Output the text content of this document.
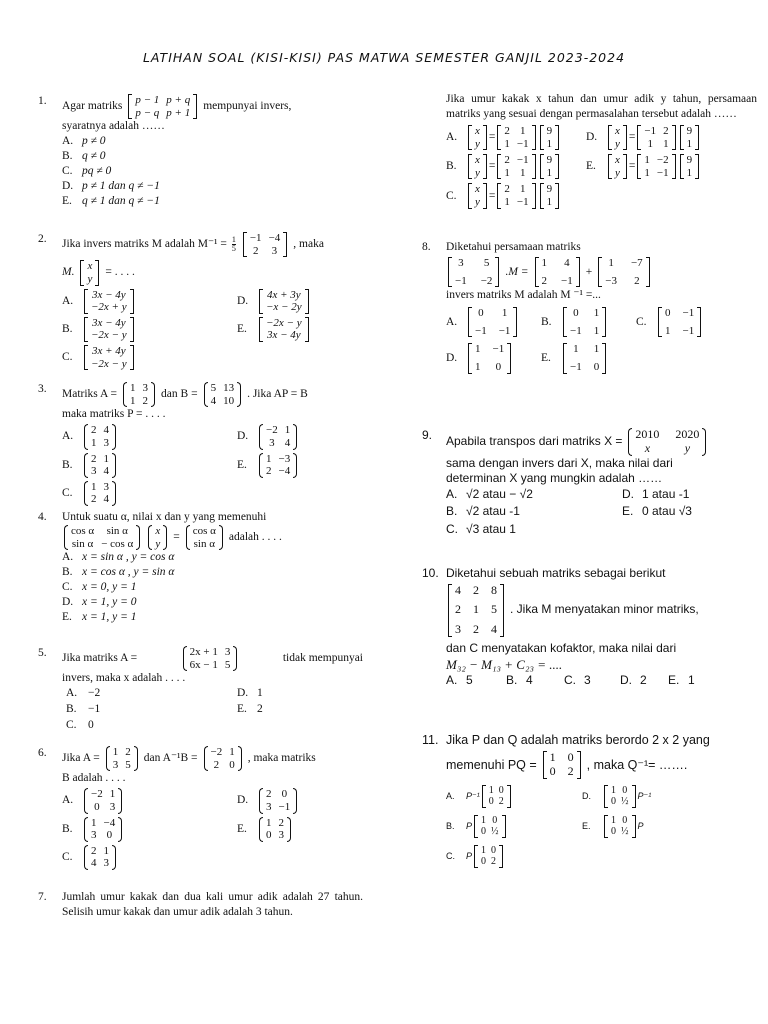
LATIHAN SOAL (KISI-KISI) PAS MATWA SEMESTER GANJIL 2023-2024
1. Agar matriks
p − 1 p + q
p − q p + 1
mempunyai invers,
syaratnya adalah ……
A. p ≠ 0
B. q ≠ 0
C. pq ≠ 0
D. p ≠ 1 dan q ≠ −1
E. q ≠ 1 dan q ≠ −1
2. Jika invers matriks M adalah $M^{-1} = \frac{1}{5} -1 -4$
2 3
, maka
M.
x
y
= . . . .
A.
3x − 4y
−2x + y
D.
4x + 3y
−x − 2y
B.
3x − 4y
−2x − y
E.
−2x − y
3x − 4y
C.
3x + 4y
−2x − y
3. Matriks A =
1 3
1 2
dan B =
5 13
4 10
. Jika AP = B
maka matriks P = . . . .
A.
2 4
1 3
D.
−2 1
3 4
B.
2 1
3 4
E.
1 −3
2 −4
C.
1 3
2 4
4. Untuk suatu α, nilai x dan y yang memenuhi
cos α sin α
sin α − cos α
x
y
=
cos α
sin α
adalah . . . .
A. x = sin α , y = cos α
B. x = cos α , y = sin α
C. x = 0, y = 1
D. x = 1, y = 0
E. x = 1, y = 1
5. Jika matriks A =
2x + 1 3
6x − 1 5
tidak mempunyai
invers, maka x adalah . . . .
A. −2	D. 1
B. −1	E. 2
C. 0
6. Jika A =
1 2
3 5
dan A⁻¹B =
−2 1
2 0
, maka matriks
B adalah . . . .
A.
−2 1
0 3
D.
2 0
3 −1
B.
1 −4
3 0
E.
1 2
0 3
C.
2 1
4 3
7. Jumlah umur kakak dan dua kali umur adik adalah 27 tahun. Selisih umur kakak dan umur adik adalah 3 tahun.
Jika umur kakak x tahun dan umur adik y tahun, persamaan matriks yang sesuai dengan permasalahan tersebut adalah ……
A.
x
y
=
2 1
1 −1
9
1
D.
x
y
=
−1 2
1 1
9
1
B.
x
y
=
2 −1
1 1
9
1
E.
x
y
=
1 −2
1 −1
9
1
C.
x
y
=
2 1
1 −1
9
1
8. Diketahui persamaan matriks
3 5
−1 −2
.M =
1 4
2 −1
+
1 −7
−3 2
invers matriks M adalah M ⁻¹ =...
A.
0 1
−1 −1
B.
0 1
−1 1
C.
0 −1
1 −1
D.
1 −1
1 0
E.
1 1
−1 0
9. Apabila transpos dari matriks X = 2010 2020
x	y
sama dengan invers dari X, maka nilai dari
determinan X yang mungkin adalah ……
A. √2 atau − √2	D. 1 atau -1
B. √2 atau -1	E. 0 atau √3
C. √3 atau 1
10. Diketahui sebuah matriks sebagai berikut
4 2 8
2 1 5
3 2 4
. Jika M menyatakan minor matriks,
dan C menyatakan kofaktor, maka nilai dari
M₃₂ − M₁₃ + C₂₃ = ....
A. 5	B. 4	C. 3 D. 2 E. 1
11. Jika P dan Q adalah matriks berordo 2 x 2 yang
memenuhi PQ =
1 0
0 2 , maka Q⁻¹= …….
A.	P⁻¹ 1 0
0 2
D.	1 0
0 ½
P⁻¹
B.	P 1 0
0 ½
E.	1 0
0 ½
P
C.	P 1 0
0 2
